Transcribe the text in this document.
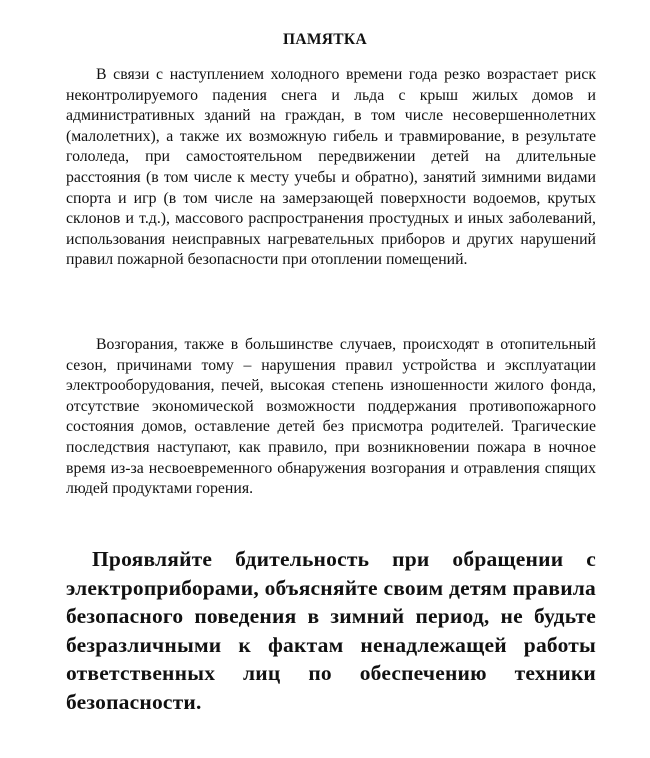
ПАМЯТКА

В связи с наступлением холодного времени года резко возрастает риск неконтролируемого падения снега и льда с крыш жилых домов и административных зданий на граждан, в том числе несовершеннолетних (малолетних), а также их возможную гибель и травмирование, в результате гололеда, при самостоятельном передвижении детей на длительные расстояния (в том числе к месту учебы и обратно), занятий зимними видами спорта и игр (в том числе на замерзающей поверхности водоемов, крутых склонов и т.д.), массового распространения простудных и иных заболеваний, использования неисправных нагревательных приборов и других нарушений правил пожарной безопасности при отоплении помещений.

Возгорания, также в большинстве случаев, происходят в отопительный сезон, причинами тому – нарушения правил устройства и эксплуатации электрооборудования, печей, высокая степень изношенности жилого фонда, отсутствие экономической возможности поддержания противопожарного состояния домов, оставление детей без присмотра родителей. Трагические последствия наступают, как правило, при возникновении пожара в ночное время из-за несвоевременного обнаружения возгорания и отравления спящих людей продуктами горения.

Проявляйте бдительность при обращении с электроприборами, объясняйте своим детям правила безопасного поведения в зимний период, не будьте безразличными к фактам ненадлежащей работы ответственных лиц по обеспечению техники безопасности.
